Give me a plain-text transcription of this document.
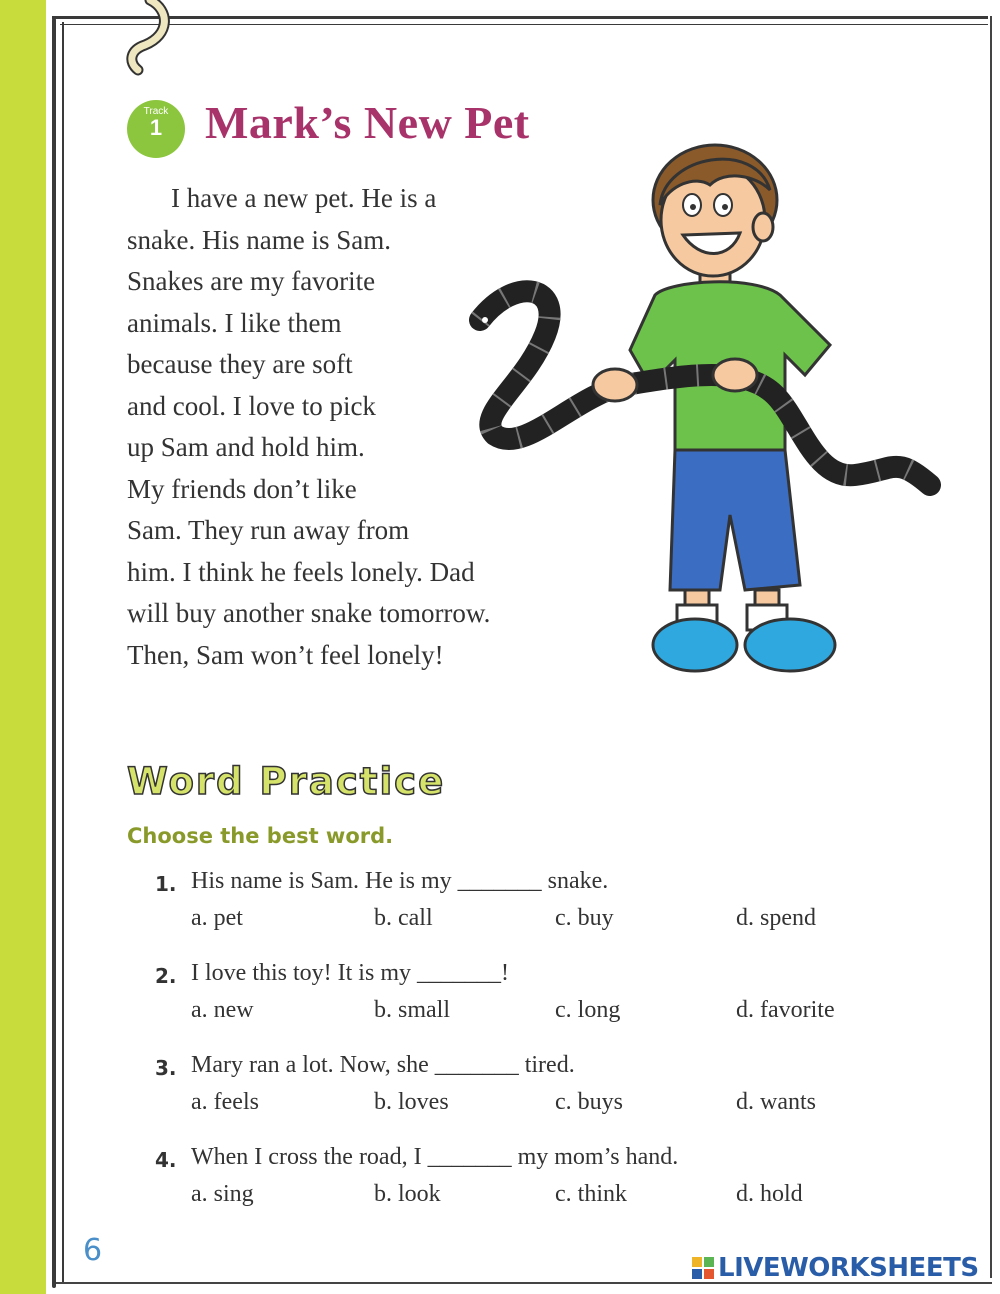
Track
1 Mark’s New Pet
I have a new pet. He is a
snake. His name is Sam.
Snakes are my favorite
animals. I like them
because they are soft
and cool. I love to pick
up Sam and hold him.
My friends don’t like
Sam. They run away from
him. I think he feels lonely. Dad
will buy another snake tomorrow.
Then, Sam won’t feel lonely!
Word Practice
Choose the best word.
1. His name is Sam. He is my _______ snake.
a. pet	b. call	c. buy	d. spend
2. I love this toy! It is my _______!
a. new	b. small	c. long	d. favorite
3. Mary ran a lot. Now, she _______ tired.
a. feels	b. loves	c. buys	d. wants
4. When I cross the road, I _______ my mom’s hand.
a. sing	b. look	c. think	d. hold
6	LIVEWORKSHEETS
